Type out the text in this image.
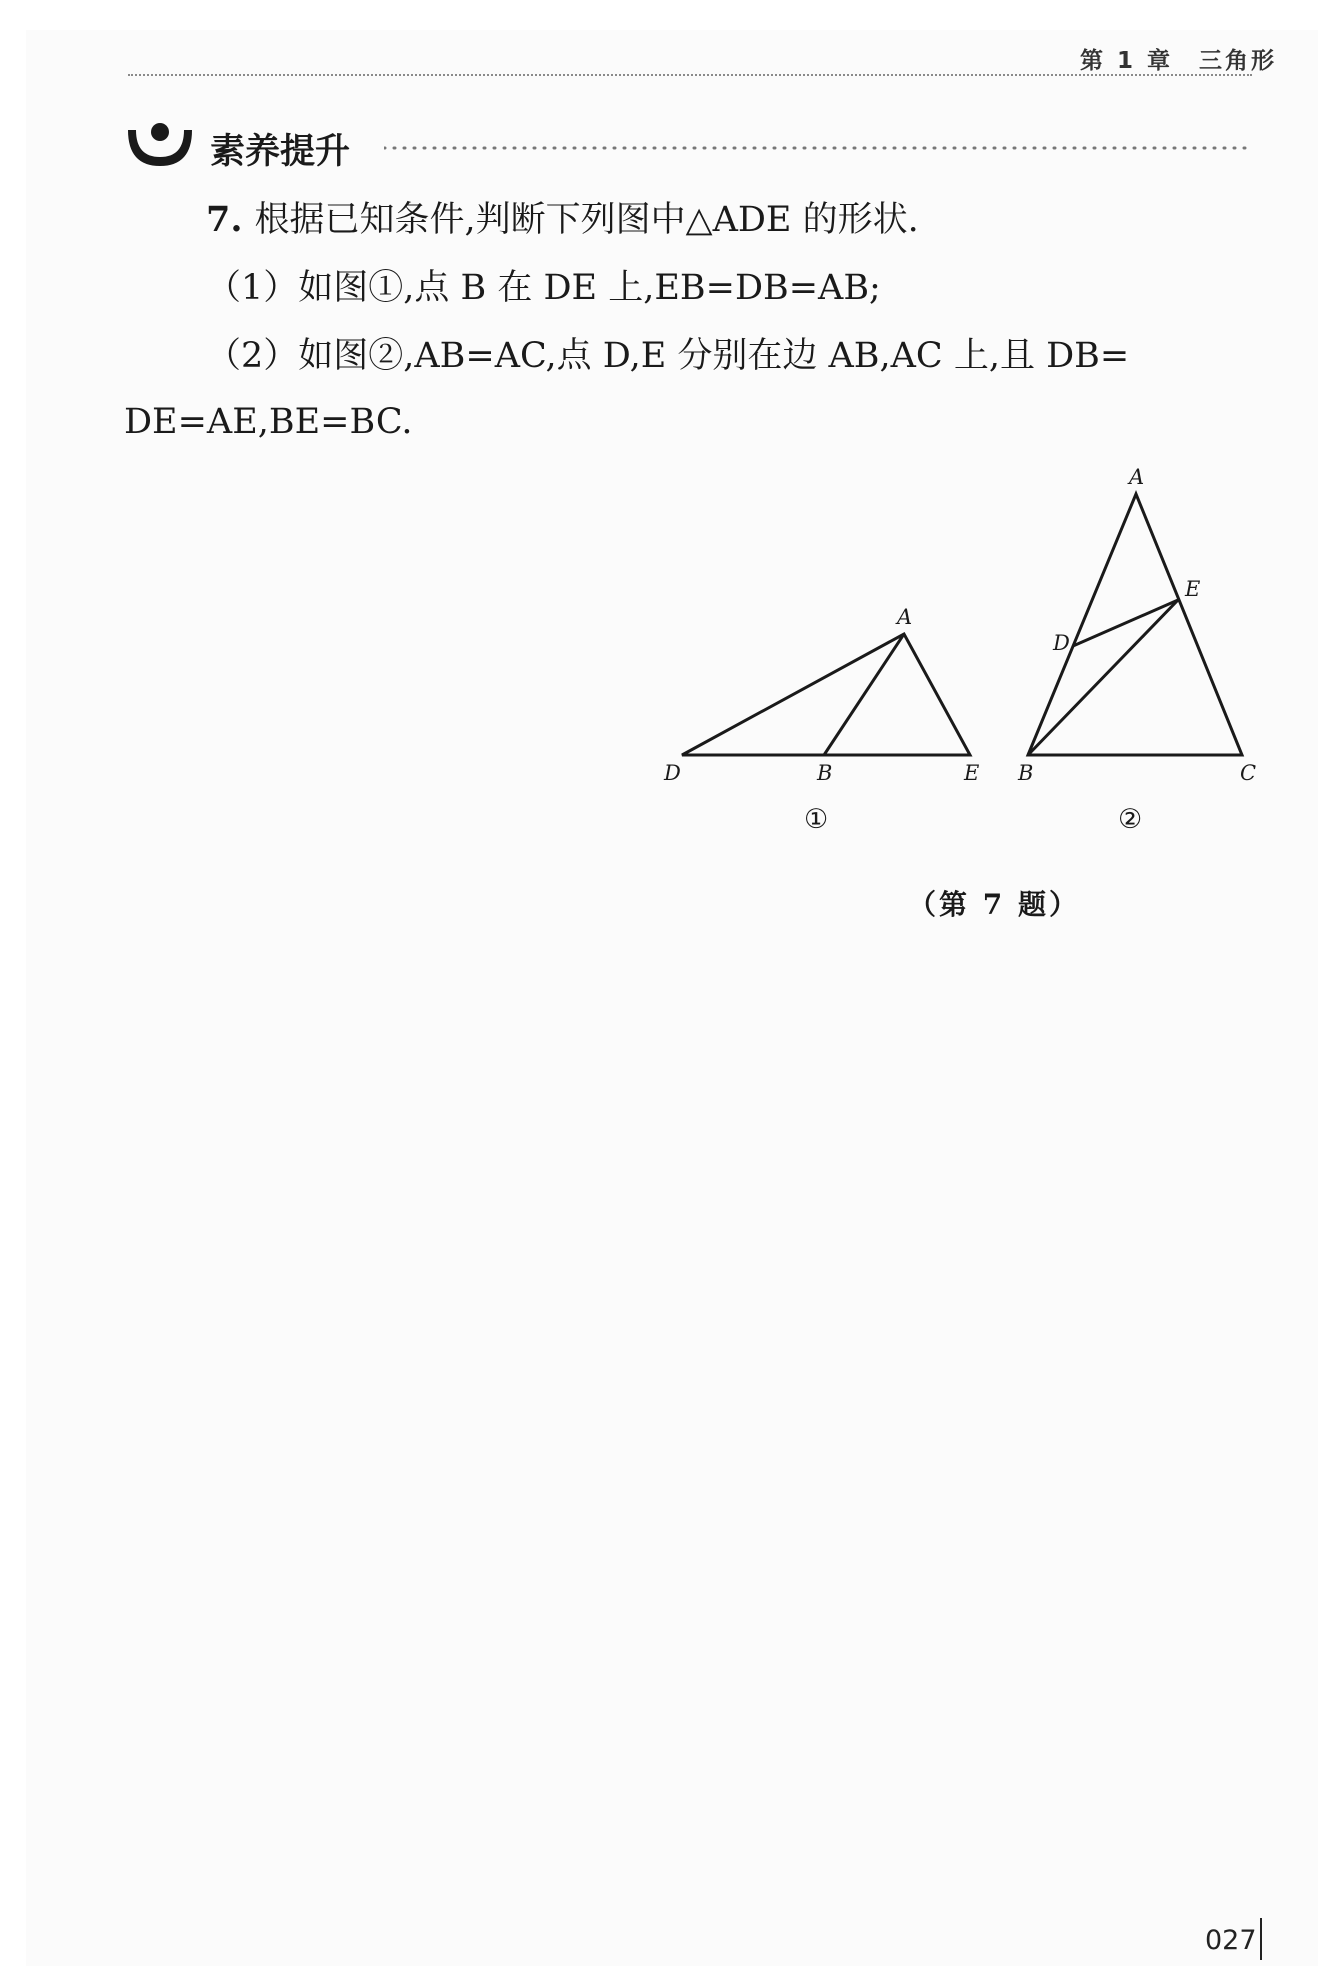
第 1 章　三角形
素养提升
7. 根据已知条件,判断下列图中△ADE 的形状.
（1）如图①,点 B 在 DE 上,EB=DB=AB;
（2）如图②,AB=AC,点 D,E 分别在边 AB,AC 上,且 DB=
DE=AE,BE=BC.
A
D	B	E
①
A
E
D
B	C
②
（第 7 题）
027
